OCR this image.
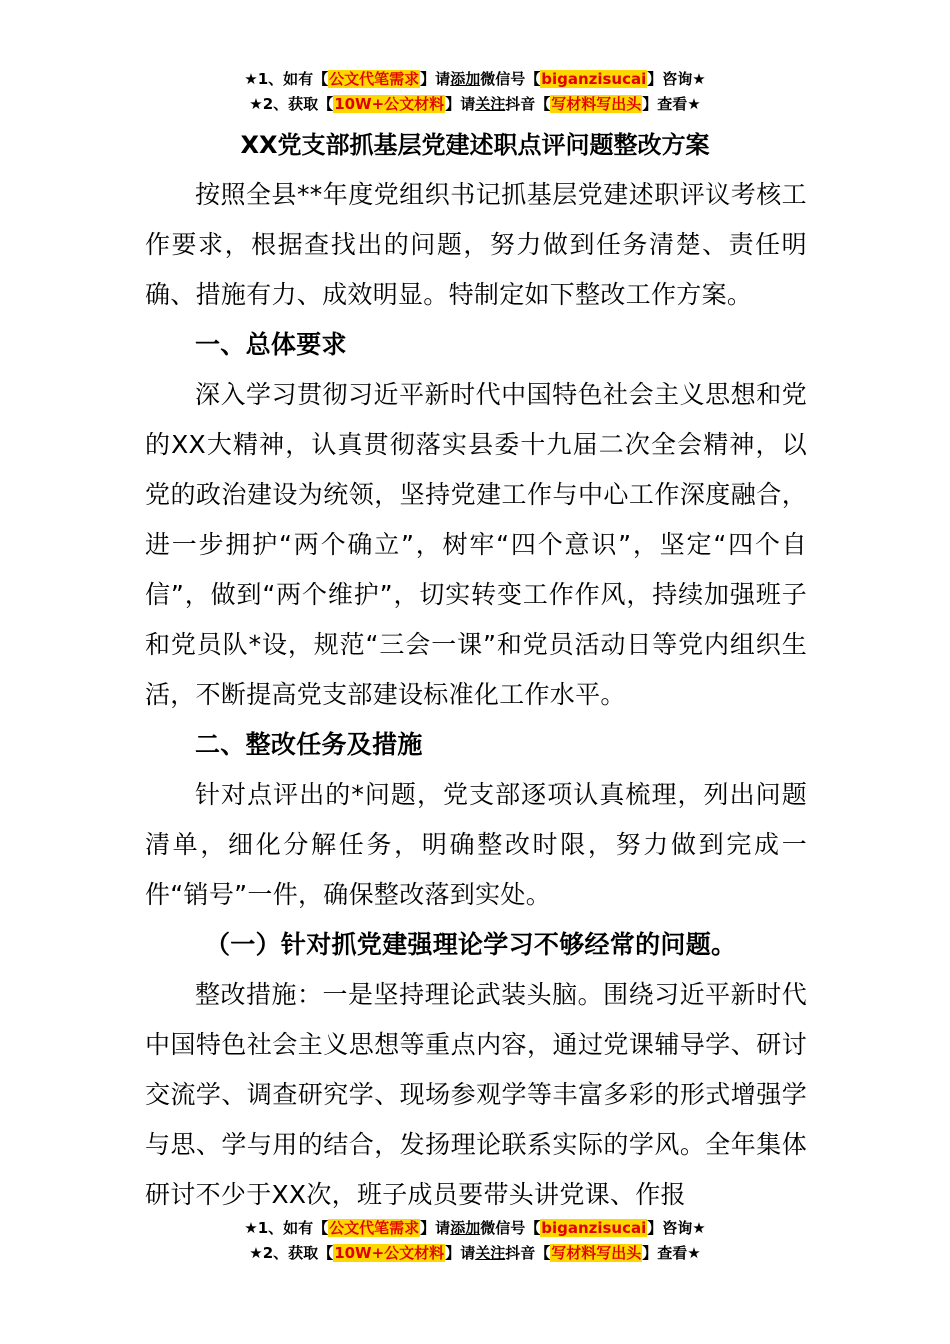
★1、如有【公文代笔需求】请添加微信号【biganzisucai】咨询★
★2、获取【10W+公文材料】请关注抖音【写材料写出头】查看★
XX党支部抓基层党建述职点评问题整改方案

按照全县**年度党组织书记抓基层党建述职评议考核工作要求，根据查找出的问题，努力做到任务清楚、责任明确、措施有力、成效明显。特制定如下整改工作方案。

一、总体要求

深入学习贯彻习近平新时代中国特色社会主义思想和党的XX大精神，认真贯彻落实县委十九届二次全会精神，以党的政治建设为统领，坚持党建工作与中心工作深度融合，进一步拥护“两个确立”，树牢“四个意识”，坚定“四个自信”，做到“两个维护”，切实转变工作作风，持续加强班子和党员队*设，规范“三会一课”和党员活动日等党内组织生活，不断提高党支部建设标准化工作水平。

二、整改任务及措施

针对点评出的*问题，党支部逐项认真梳理，列出问题清单，细化分解任务，明确整改时限，努力做到完成一件“销号”一件，确保整改落到实处。

（一）针对抓党建强理论学习不够经常的问题。

整改措施：一是坚持理论武装头脑。围绕习近平新时代中国特色社会主义思想等重点内容，通过党课辅导学、研讨交流学、调查研究学、现场参观学等丰富多彩的形式增强学与思、学与用的结合，发扬理论联系实际的学风。全年集体研讨不少于XX次，班子成员要带头讲党课、作报

★1、如有【公文代笔需求】请添加微信号【biganzisucai】咨询★
★2、获取【10W+公文材料】请关注抖音【写材料写出头】查看★
